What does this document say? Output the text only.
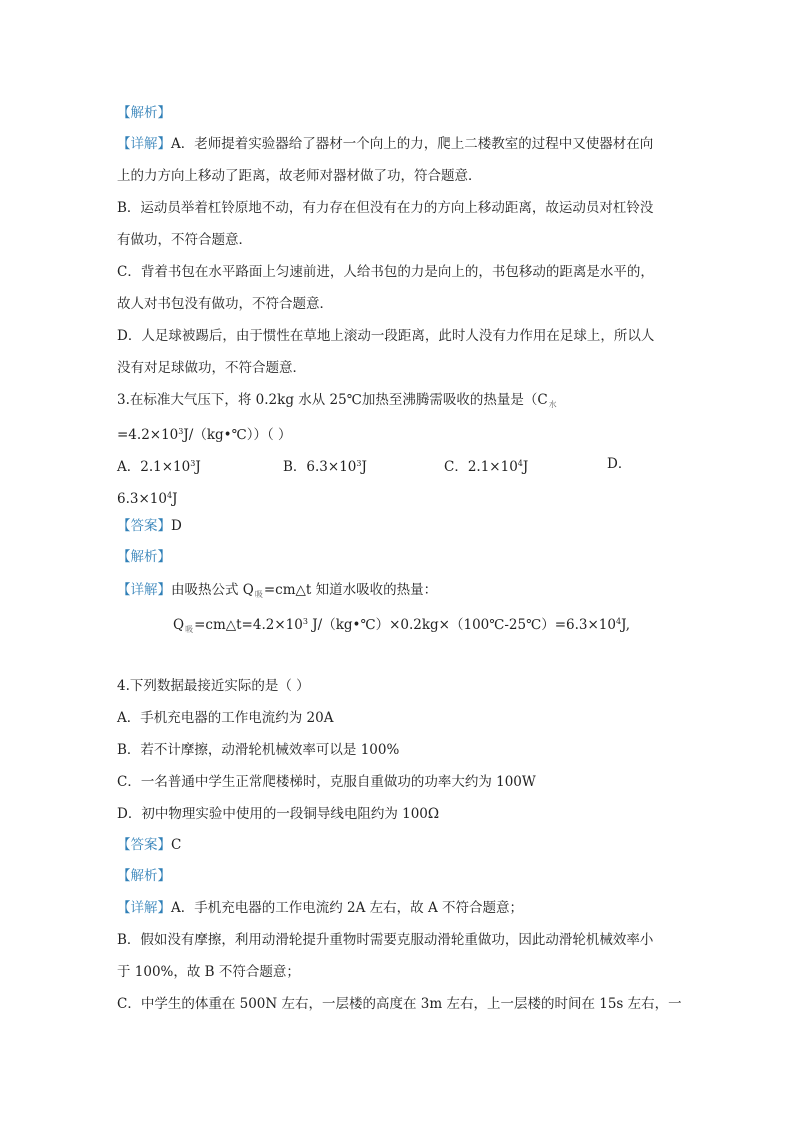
【解析】
【详解】A．老师提着实验器给了器材一个向上的力，爬上二楼教室的过程中又使器材在向
上的力方向上移动了距离，故老师对器材做了功，符合题意．
B．运动员举着杠铃原地不动，有力存在但没有在力的方向上移动距离，故运动员对杠铃没
有做功，不符合题意．
C．背着书包在水平路面上匀速前进，人给书包的力是向上的，书包移动的距离是水平的，
故人对书包没有做功，不符合题意．
D．人足球被踢后，由于惯性在草地上滚动一段距离，此时人没有力作用在足球上，所以人
没有对足球做功，不符合题意．
3.在标准大气压下，将 0.2kg 水从 25℃加热至沸腾需吸收的热量是（$C_水$
$=4.2\times 10^3J/(kg•℃)$）（ ）
A．$2.1\times 10^3J$	B．$6.3\times 10^3J$	C．$2.1\times 10^4J$	D．
$6.3\times 10^4J$
【答案】D
【解析】
【详解】由吸热公式 $Q_吸=cm\triangle t$ 知道水吸收的热量：
$Q_吸=cm\triangle t=4.2\times 10^3$ $J/(kg•℃)\times 0.2kg\times(100℃-25℃)=6.3\times 10^4J$,
4.下列数据最接近实际的是（ ）
A．手机充电器的工作电流约为 20A
B．若不计摩擦，动滑轮机械效率可以是 100%
C．一名普通中学生正常爬楼梯时，克服自重做功的功率大约为 100W
D．初中物理实验中使用的一段铜导线电阻约为 100Ω
【答案】C
【解析】
【详解】A．手机充电器的工作电流约 2A 左右，故 A 不符合题意；
B．假如没有摩擦，利用动滑轮提升重物时需要克服动滑轮重做功，因此动滑轮机械效率小
于 100%，故 B 不符合题意；
C．中学生的体重在 500N 左右，一层楼的高度在 3m 左右，上一层楼的时间在 15s 左右，一
